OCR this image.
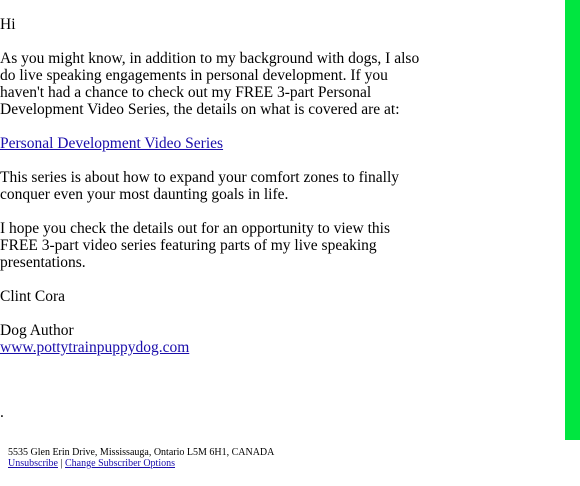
Hi

As you might know, in addition to my background with dogs, I also do live speaking engagements in personal development. If you haven't had a chance to check out my FREE 3-part Personal Development Video Series, the details on what is covered are at:

Personal Development Video Series

This series is about how to expand your comfort zones to finally conquer even your most daunting goals in life.

I hope you check the details out for an opportunity to view this FREE 3-part video series featuring parts of my live speaking presentations.

Clint Cora

Dog Author
www.pottytrainpuppydog.com

.
5535 Glen Erin Drive, Mississauga, Ontario L5M 6H1, CANADA
Unsubscribe | Change Subscriber Options
